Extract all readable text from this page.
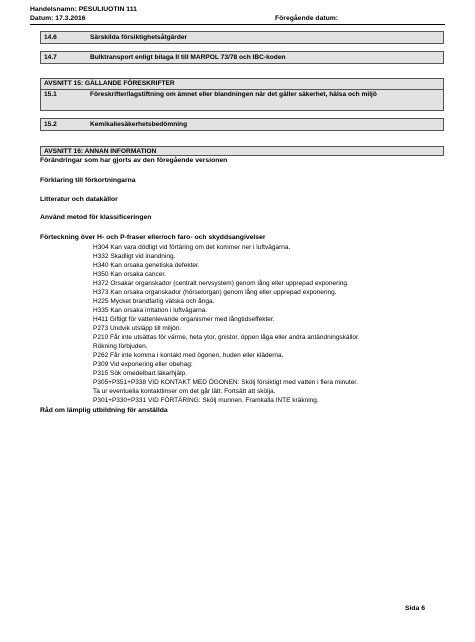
Handelsnamn: PESULIUOTIN 111
Datum: 17.3.2016	Föregående datum:
14.6	Särskilda försiktighetsåtgärder
14.7	Bulktransport enligt bilaga II till MARPOL 73/78 och IBC-koden
AVSNITT 15: GÄLLANDE FÖRESKRIFTER
15.1	Föreskrifter/lagstiftning om ämnet eller blandningen när det gäller säkerhet, hälsa och miljö
15.2	Kemikaliesäkerhetsbedömning
AVSNITT 16: ANNAN INFORMATION
Förändringar som har gjorts av den föregående versionen
Förklaring till förkortningarna
Litteratur och datakällor
Använd metod för klassificeringen
Förteckning över H- och P-fraser eller/och faro- och skyddsangivelser
H304 Kan vara dödligt vid förtäring om det kommer ner i luftvägarna.
H332 Skadligt vid inandning.
H340 Kan orsaka genetiska defekter.
H350 Kan orsaka cancer.
H372 Orsakar organskador (centralt nervsystem) genom lång eller upprepad exponering.
H373 Kan orsaka organskador (hörselorgan) genom lång eller upprepad exponering.
H225 Mycket brandfarlig vätska och ånga.
H335 Kan orsaka irritation i luftvägarna.
H411 Giftigt för vattenlevande organismer med långtidseffekter.
P273 Undvik utsläpp till miljön.
P210 Får inte utsättas för värme, heta ytor, gnistor, öppen låga eller andra antändningskällor.
Rökning förbjuden.
P262 Får inte komma i kontakt med ögonen, huden eller kläderna.
P309 Vid exponering eller obehag:
P315 Sök omedelbart läkarhjälp.
P305+P351+P338 VID KONTAKT MED ÖGONEN: Skölj försiktigt med vatten i flera minuter.
Ta ur eventuella kontaktlinser om det går lätt. Fortsätt att skölja.
P301+P330+P331 VID FÖRTÄRING: Skölj munnen. Framkalla INTE kräkning.
Råd om lämplig utbildning för anställda
Sida 6
